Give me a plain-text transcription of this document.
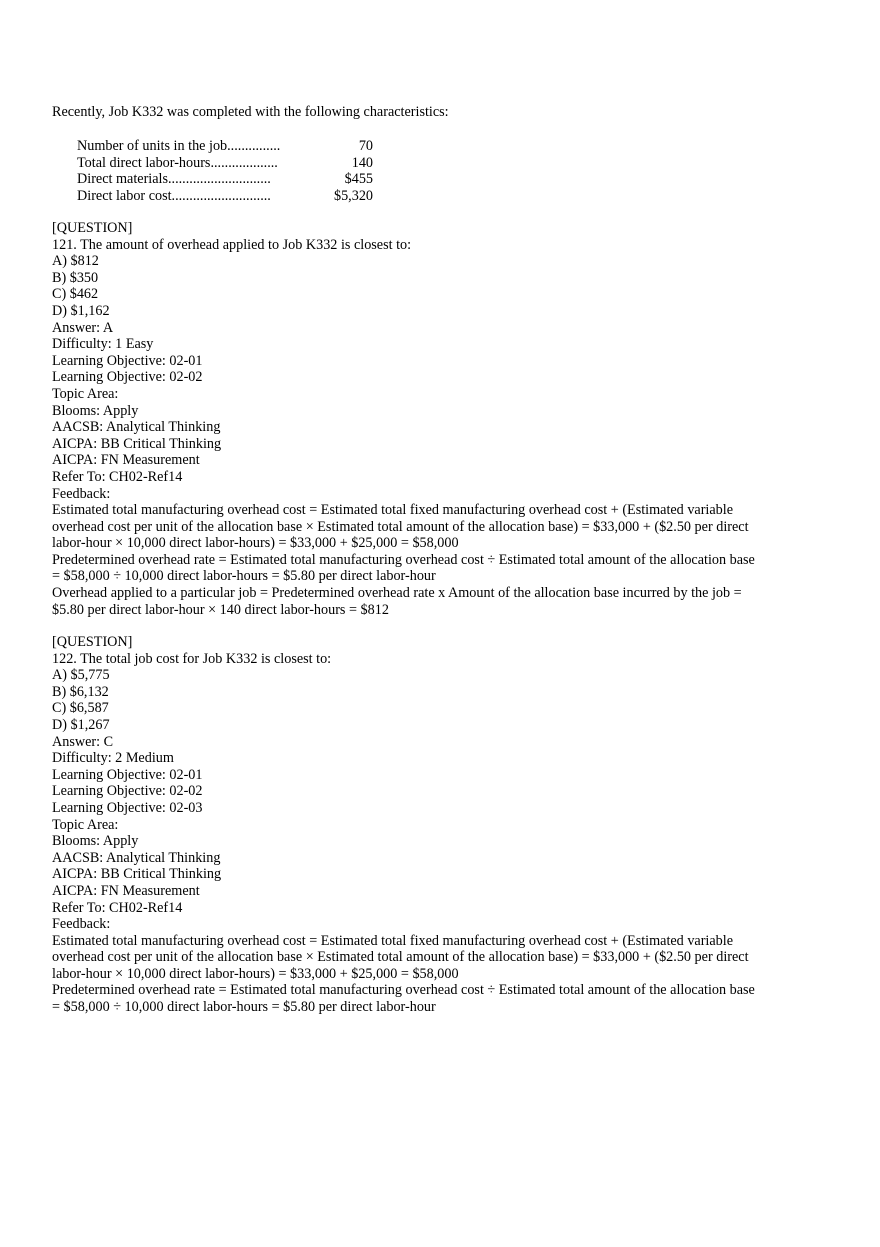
Recently, Job K332 was completed with the following characteristics:
Number of units in the job...............	70
Total direct labor-hours...................	140
Direct materials.............................	$455
Direct labor cost............................	$5,320
[QUESTION]
121. The amount of overhead applied to Job K332 is closest to:
A) $812
B) $350
C) $462
D) $1,162
Answer: A
Difficulty: 1 Easy
Learning Objective: 02-01
Learning Objective: 02-02
Topic Area:
Blooms: Apply
AACSB: Analytical Thinking
AICPA: BB Critical Thinking
AICPA: FN Measurement
Refer To: CH02-Ref14
Feedback:
Estimated total manufacturing overhead cost = Estimated total fixed manufacturing overhead cost + (Estimated variable overhead cost per unit of the allocation base × Estimated total amount of the allocation base) = $33,000 + ($2.50 per direct labor-hour × 10,000 direct labor-hours) = $33,000 + $25,000 = $58,000
Predetermined overhead rate = Estimated total manufacturing overhead cost ÷ Estimated total amount of the allocation base = $58,000 ÷ 10,000 direct labor-hours = $5.80 per direct labor-hour
Overhead applied to a particular job = Predetermined overhead rate x Amount of the allocation base incurred by the job = $5.80 per direct labor-hour × 140 direct labor-hours = $812
[QUESTION]
122. The total job cost for Job K332 is closest to:
A) $5,775
B) $6,132
C) $6,587
D) $1,267
Answer: C
Difficulty: 2 Medium
Learning Objective: 02-01
Learning Objective: 02-02
Learning Objective: 02-03
Topic Area:
Blooms: Apply
AACSB: Analytical Thinking
AICPA: BB Critical Thinking
AICPA: FN Measurement
Refer To: CH02-Ref14
Feedback:
Estimated total manufacturing overhead cost = Estimated total fixed manufacturing overhead cost + (Estimated variable overhead cost per unit of the allocation base × Estimated total amount of the allocation base) = $33,000 + ($2.50 per direct labor-hour × 10,000 direct labor-hours) = $33,000 + $25,000 = $58,000
Predetermined overhead rate = Estimated total manufacturing overhead cost ÷ Estimated total amount of the allocation base = $58,000 ÷ 10,000 direct labor-hours = $5.80 per direct labor-hour
